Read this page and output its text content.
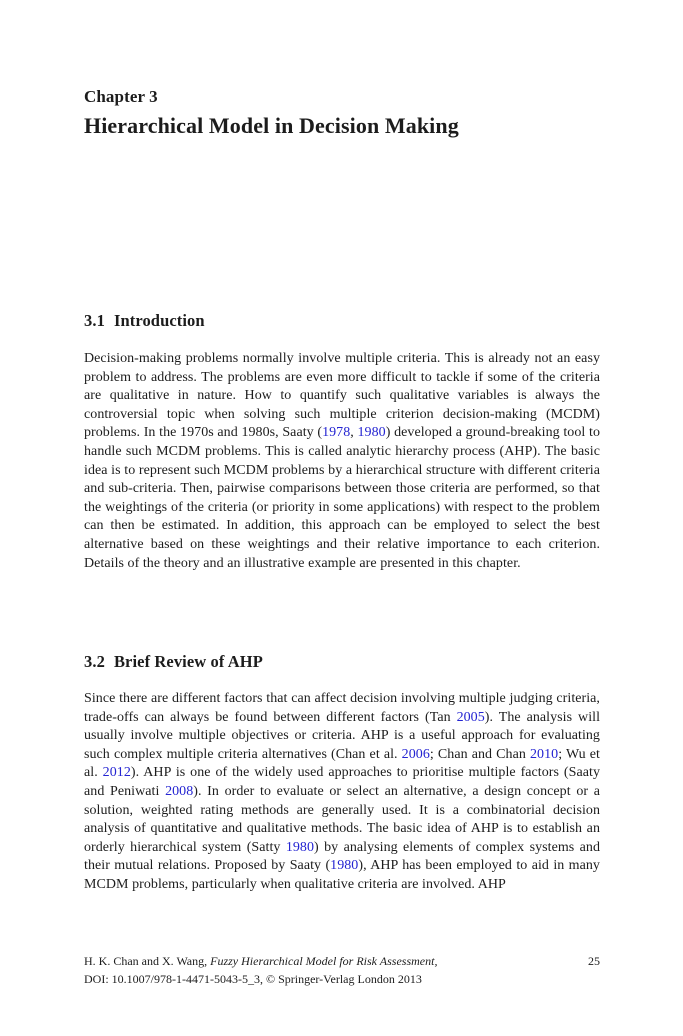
Chapter 3
Hierarchical Model in Decision Making
3.1 Introduction
Decision-making problems normally involve multiple criteria. This is already not an easy problem to address. The problems are even more difficult to tackle if some of the criteria are qualitative in nature. How to quantify such qualitative variables is always the controversial topic when solving such multiple criterion decision-making (MCDM) problems. In the 1970s and 1980s, Saaty (1978, 1980) developed a ground-breaking tool to handle such MCDM problems. This is called analytic hierarchy process (AHP). The basic idea is to represent such MCDM problems by a hierarchical structure with different criteria and sub-criteria. Then, pairwise comparisons between those criteria are performed, so that the weightings of the criteria (or priority in some applications) with respect to the problem can then be estimated. In addition, this approach can be employed to select the best alternative based on these weightings and their relative importance to each criterion. Details of the theory and an illustrative example are presented in this chapter.
3.2 Brief Review of AHP
Since there are different factors that can affect decision involving multiple judging criteria, trade-offs can always be found between different factors (Tan 2005). The analysis will usually involve multiple objectives or criteria. AHP is a useful approach for evaluating such complex multiple criteria alternatives (Chan et al. 2006; Chan and Chan 2010; Wu et al. 2012). AHP is one of the widely used approaches to prioritise multiple factors (Saaty and Peniwati 2008). In order to evaluate or select an alternative, a design concept or a solution, weighted rating methods are generally used. It is a combinatorial decision analysis of quantitative and qualitative methods. The basic idea of AHP is to establish an orderly hierarchical system (Satty 1980) by analysing elements of complex systems and their mutual relations. Proposed by Saaty (1980), AHP has been employed to aid in many MCDM problems, particularly when qualitative criteria are involved. AHP
H. K. Chan and X. Wang, Fuzzy Hierarchical Model for Risk Assessment,	25
DOI: 10.1007/978-1-4471-5043-5_3, © Springer-Verlag London 2013
